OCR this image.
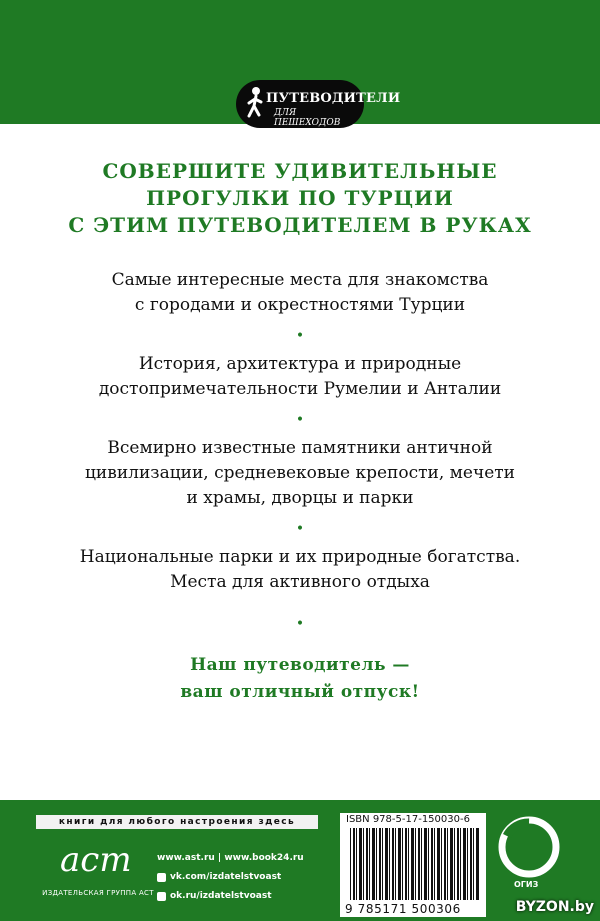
ПУТЕВОДИТЕЛИ
ДЛЯ ПЕШЕХОДОВ
СОВЕРШИТЕ УДИВИТЕЛЬНЫЕ
ПРОГУЛКИ ПО ТУРЦИИ
С ЭТИМ ПУТЕВОДИТЕЛЕМ В РУКАХ
Самые интересные места для знакомства
с городами и окрестностями Турции
•
История, архитектура и природные
достопримечательности Румелии и Анталии
•
Всемирно известные памятники античной
цивилизации, средневековые крепости, мечети
и храмы, дворцы и парки
•
Национальные парки и их природные богатства.
Места для активного отдыха
•
Наш путеводитель —
ваш отличный отпуск!
книги для любого настроения здесь
аст
ИЗДАТЕЛЬСКАЯ ГРУППА АСТ
www.ast.ru | www.book24.ru
vk.com/izdatelstvoast
ok.ru/izdatelstvoast
ISBN 978-5-17-150030-6
9 785171 500306
ОГИЗ
BYZON.by
